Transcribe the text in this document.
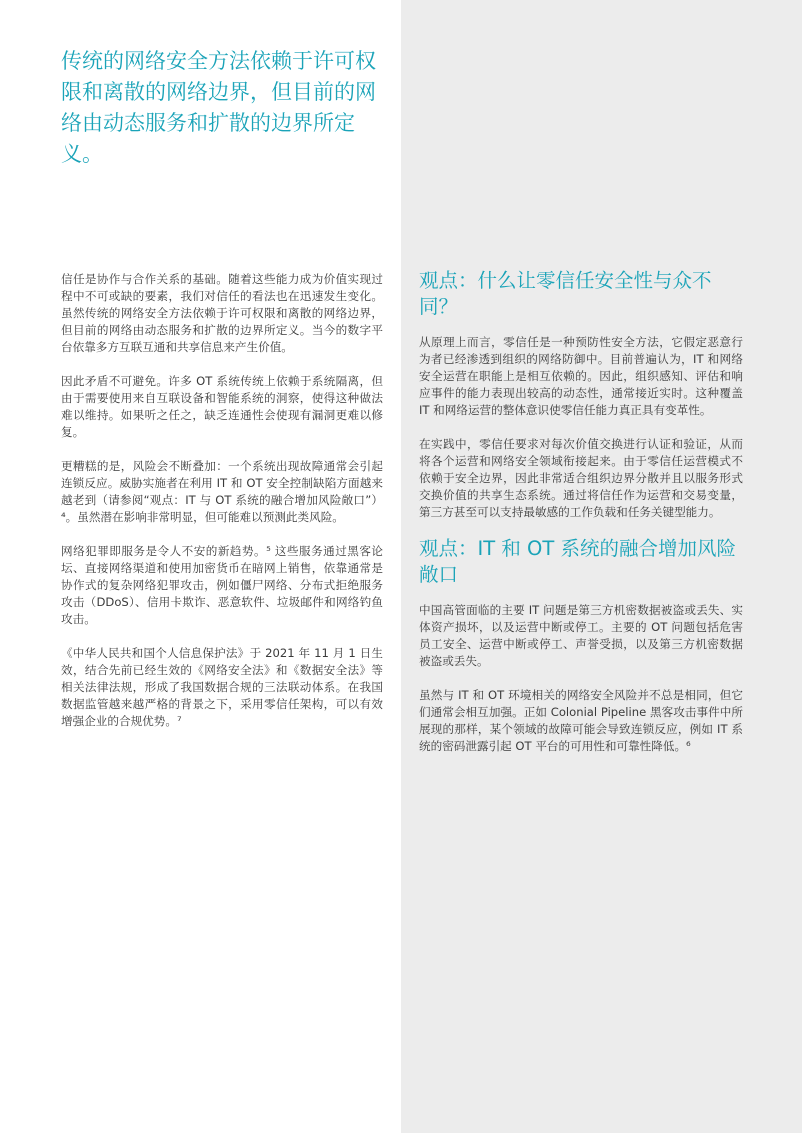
传统的网络安全方法依赖于许可权限和离散的网络边界，但目前的网络由动态服务和扩散的边界所定义。

信任是协作与合作关系的基础。随着这些能力成为价值实现过程中不可或缺的要素，我们对信任的看法也在迅速发生变化。虽然传统的网络安全方法依赖于许可权限和离散的网络边界，但目前的网络由动态服务和扩散的边界所定义。当今的数字平台依靠多方互联互通和共享信息来产生价值。

因此矛盾不可避免。许多 OT 系统传统上依赖于系统隔离，但由于需要使用来自互联设备和智能系统的洞察，使得这种做法难以维持。如果听之任之，缺乏连通性会使现有漏洞更难以修复。

更糟糕的是，风险会不断叠加：一个系统出现故障通常会引起连锁反应。威胁实施者在利用 IT 和 OT 安全控制缺陷方面越来越老到（请参阅“观点：IT 与 OT 系统的融合增加风险敞口”）⁴。虽然潜在影响非常明显，但可能难以预测此类风险。

网络犯罪即服务是令人不安的新趋势。⁵ 这些服务通过黑客论坛、直接网络渠道和使用加密货币在暗网上销售，依靠通常是协作式的复杂网络犯罪攻击，例如僵尸网络、分布式拒绝服务攻击（DDoS）、信用卡欺诈、恶意软件、垃圾邮件和网络钓鱼攻击。

《中华人民共和国个人信息保护法》于 2021 年 11 月 1 日生效，结合先前已经生效的《网络安全法》和《数据安全法》等相关法律法规，形成了我国数据合规的三法联动体系。在我国数据监管越来越严格的背景之下，采用零信任架构，可以有效增强企业的合规优势。⁷

观点：什么让零信任安全性与众不同？

从原理上而言，零信任是一种预防性安全方法，它假定恶意行为者已经渗透到组织的网络防御中。目前普遍认为，IT 和网络安全运营在职能上是相互依赖的。因此，组织感知、评估和响应事件的能力表现出较高的动态性，通常接近实时。这种覆盖 IT 和网络运营的整体意识使零信任能力真正具有变革性。

在实践中，零信任要求对每次价值交换进行认证和验证，从而将各个运营和网络安全领域衔接起来。由于零信任运营模式不依赖于安全边界，因此非常适合组织边界分散并且以服务形式交换价值的共享生态系统。通过将信任作为运营和交易变量，第三方甚至可以支持最敏感的工作负载和任务关键型能力。

观点：IT 和 OT 系统的融合增加风险敞口

中国高管面临的主要 IT 问题是第三方机密数据被盗或丢失、实体资产损坏，以及运营中断或停工。主要的 OT 问题包括危害员工安全、运营中断或停工、声誉受损，以及第三方机密数据被盗或丢失。

虽然与 IT 和 OT 环境相关的网络安全风险并不总是相同，但它们通常会相互加强。正如 Colonial Pipeline 黑客攻击事件中所展现的那样，某个领域的故障可能会导致连锁反应，例如 IT 系统的密码泄露引起 OT 平台的可用性和可靠性降低。⁶
